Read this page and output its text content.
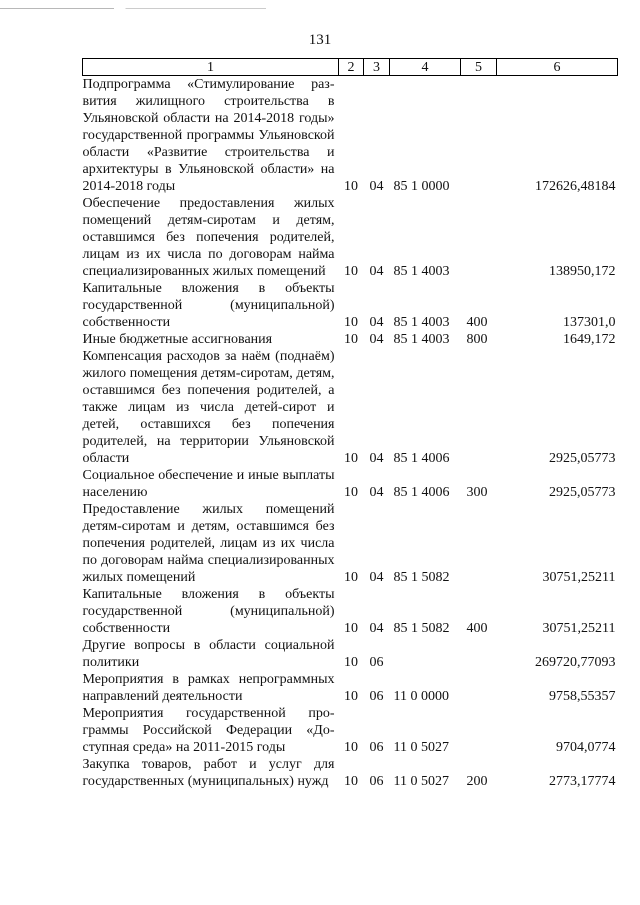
131
1	2	3	4	5	6
Подпрограмма «Стимулирование развития жилищного строительства в Ульяновской области на 2014-2018 годы» государственной программы Ульяновской области «Развитие строительства и архитектуры в Ульяновской области» на 2014-2018 годы	10	04	85 1 0000		172626,48184
Обеспечение предоставления жилых помещений детям-сиротам и детям, оставшимся без попечения родителей, лицам из их числа по договорам найма специализированных жилых помещений	10	04	85 1 4003		138950,172
Капитальные вложения в объекты государственной (муниципальной) собственности	10	04	85 1 4003	400	137301,0
Иные бюджетные ассигнования	10	04	85 1 4003	800	1649,172
Компенсация расходов за наём (поднаём) жилого помещения детям-сиротам, детям, оставшимся без попечения родителей, а также лицам из числа детей-сирот и детей, оставшихся без попечения родителей, на территории Ульяновской области	10	04	85 1 4006		2925,05773
Социальное обеспечение и иные выплаты населению	10	04	85 1 4006	300	2925,05773
Предоставление жилых помещений детям-сиротам и детям, оставшимся без попечения родителей, лицам из их числа по договорам найма специализированных жилых помещений	10	04	85 1 5082		30751,25211
Капитальные вложения в объекты государственной (муниципальной) собственности	10	04	85 1 5082	400	30751,25211
Другие вопросы в области социальной политики	10	06			269720,77093
Мероприятия в рамках непрограммных направлений деятельности	10	06	11 0 0000		9758,55357
Мероприятия государственной программы Российской Федерации «Доступная среда» на 2011-2015 годы	10	06	11 0 5027		9704,0774
Закупка товаров, работ и услуг для государственных (муниципальных) нужд	10	06	11 0 5027	200	2773,17774
